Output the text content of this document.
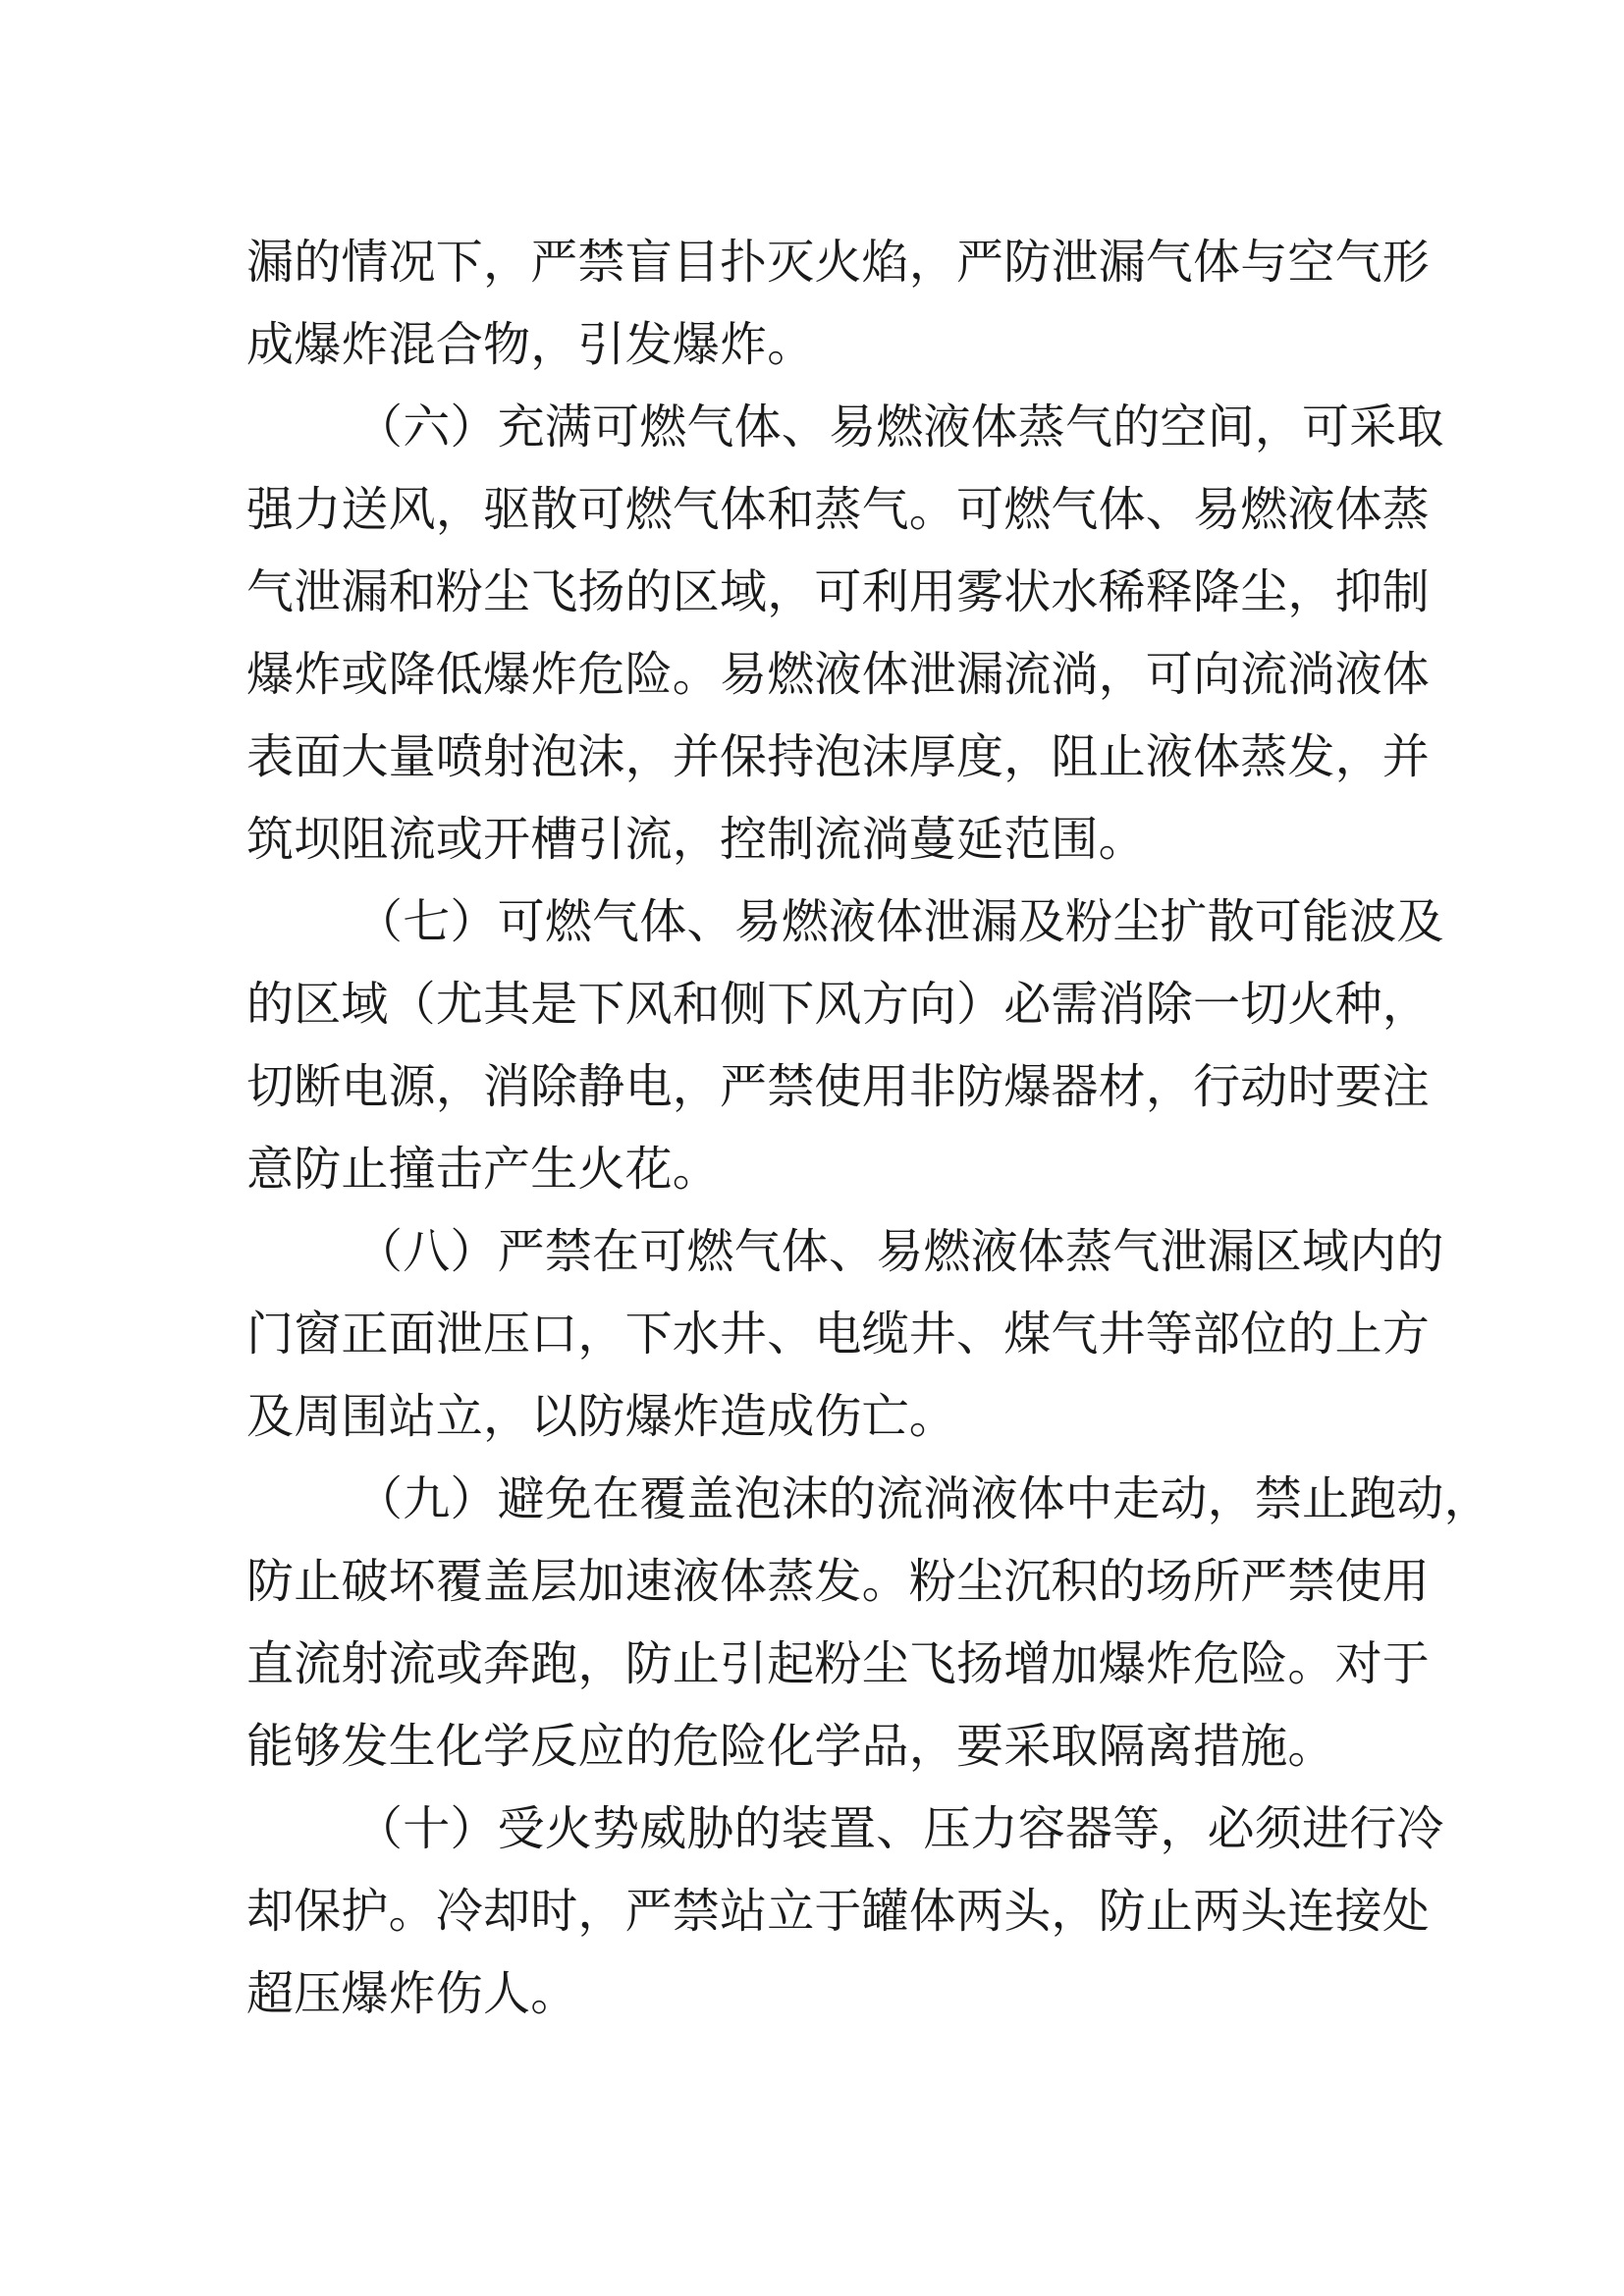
漏的情况下，严禁盲目扑灭火焰，严防泄漏气体与空气形
成爆炸混合物，引发爆炸。
（六）充满可燃气体、易燃液体蒸气的空间，可采取
强力送风，驱散可燃气体和蒸气。可燃气体、易燃液体蒸
气泄漏和粉尘飞扬的区域，可利用雾状水稀释降尘，抑制
爆炸或降低爆炸危险。易燃液体泄漏流淌，可向流淌液体
表面大量喷射泡沫，并保持泡沫厚度，阻止液体蒸发，并
筑坝阻流或开槽引流，控制流淌蔓延范围。
（七）可燃气体、易燃液体泄漏及粉尘扩散可能波及
的区域（尤其是下风和侧下风方向）必需消除一切火种，
切断电源，消除静电，严禁使用非防爆器材，行动时要注
意防止撞击产生火花。
（八）严禁在可燃气体、易燃液体蒸气泄漏区域内的
门窗正面泄压口，下水井、电缆井、煤气井等部位的上方
及周围站立，以防爆炸造成伤亡。
（九）避免在覆盖泡沫的流淌液体中走动，禁止跑动，
防止破坏覆盖层加速液体蒸发。粉尘沉积的场所严禁使用
直流射流或奔跑，防止引起粉尘飞扬增加爆炸危险。对于
能够发生化学反应的危险化学品，要采取隔离措施。
（十）受火势威胁的装置、压力容器等，必须进行冷
却保护。冷却时，严禁站立于罐体两头，防止两头连接处
超压爆炸伤人。
